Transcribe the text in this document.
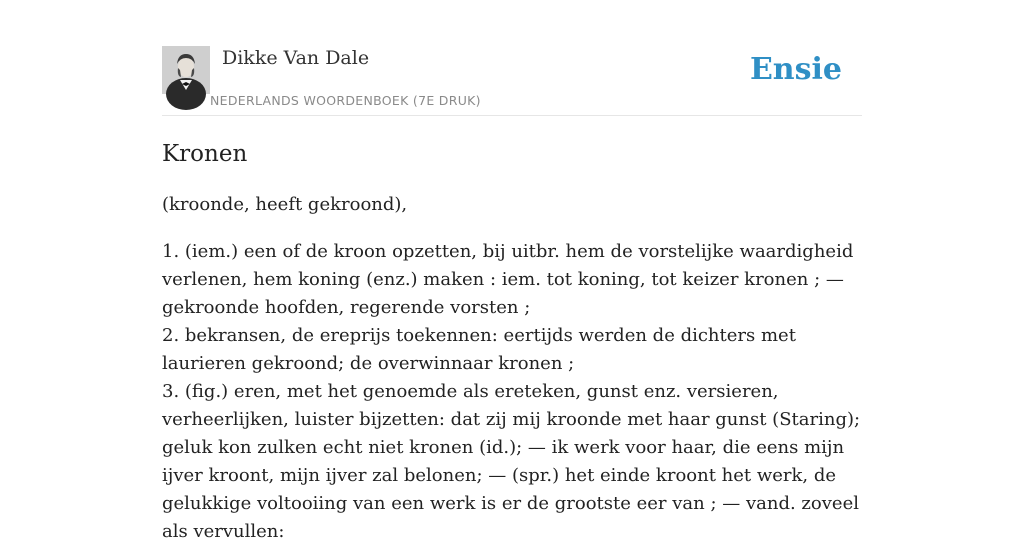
Dikke Van Dale
NEDERLANDS WOORDENBOEK (7E DRUK)
Ensie
Kronen
(kroonde, heeft gekroond),

1. (iem.) een of de kroon opzetten, bij uitbr. hem de vorstelijke waardigheid verlenen, hem koning (enz.) maken : iem. tot koning, tot keizer kronen ; — gekroonde hoofden, regerende vorsten ;

2. bekransen, de ereprijs toekennen: eertijds werden de dichters met laurieren gekroond; de overwinnaar kronen ;

3. (fig.) eren, met het genoemde als ereteken, gunst enz. versieren, verheerlijken, luister bijzetten: dat zij mij kroonde met haar gunst (Staring); geluk kon zulken echt niet kronen (id.); — ik werk voor haar, die eens mijn ijver kroont, mijn ijver zal belonen; — (spr.) het einde kroont het werk, de gelukkige voltooiing van een werk is er de grootste eer van ; — vand. zoveel als vervullen:
